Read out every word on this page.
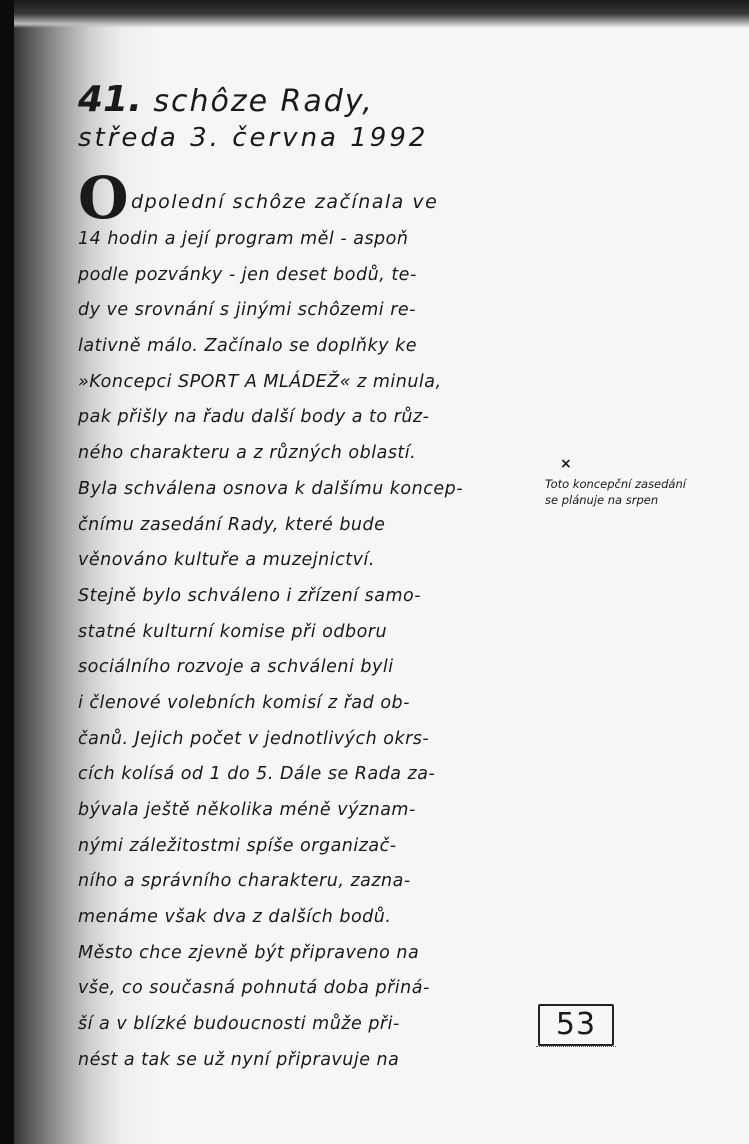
41. schôze Rady,
středa 3. června 1992
Odpolední schôze začínala ve
14 hodin a její program měl - aspoň
podle pozvánky - jen deset bodů, te-
dy ve srovnání s jinými schôzemi re-
lativně málo. Začínalo se doplňky ke
»Koncepci SPORT A MLÁDEŽ« z minula,
pak přišly na řadu další body a to růz-
ného charakteru a z různých oblastí.
Byla schválena osnova k dalšímu koncep-
čnímu zasedání Rady, které bude
věnováno kultuře a muzejnictví.
Stejně bylo schváleno i zřízení samo-
statné kulturní komise při odboru
sociálního rozvoje a schváleni byli
i členové volebních komisí z řad ob-
čanů. Jejich počet v jednotlivých okrs-
cích kolísá od 1 do 5. Dále se Rada za-
bývala ještě několika méně význam-
nými záležitostmi spíše organizač-
ního a správního charakteru, zazna-
menáme však dva z dalších bodů.
Město chce zjevně být připraveno na
vše, co současná pohnutá doba přiná-
ší a v blízké budoucnosti může při-
nést a tak se už nyní připravuje na
×
Toto koncepční zasedání
se plánuje na srpen
53
